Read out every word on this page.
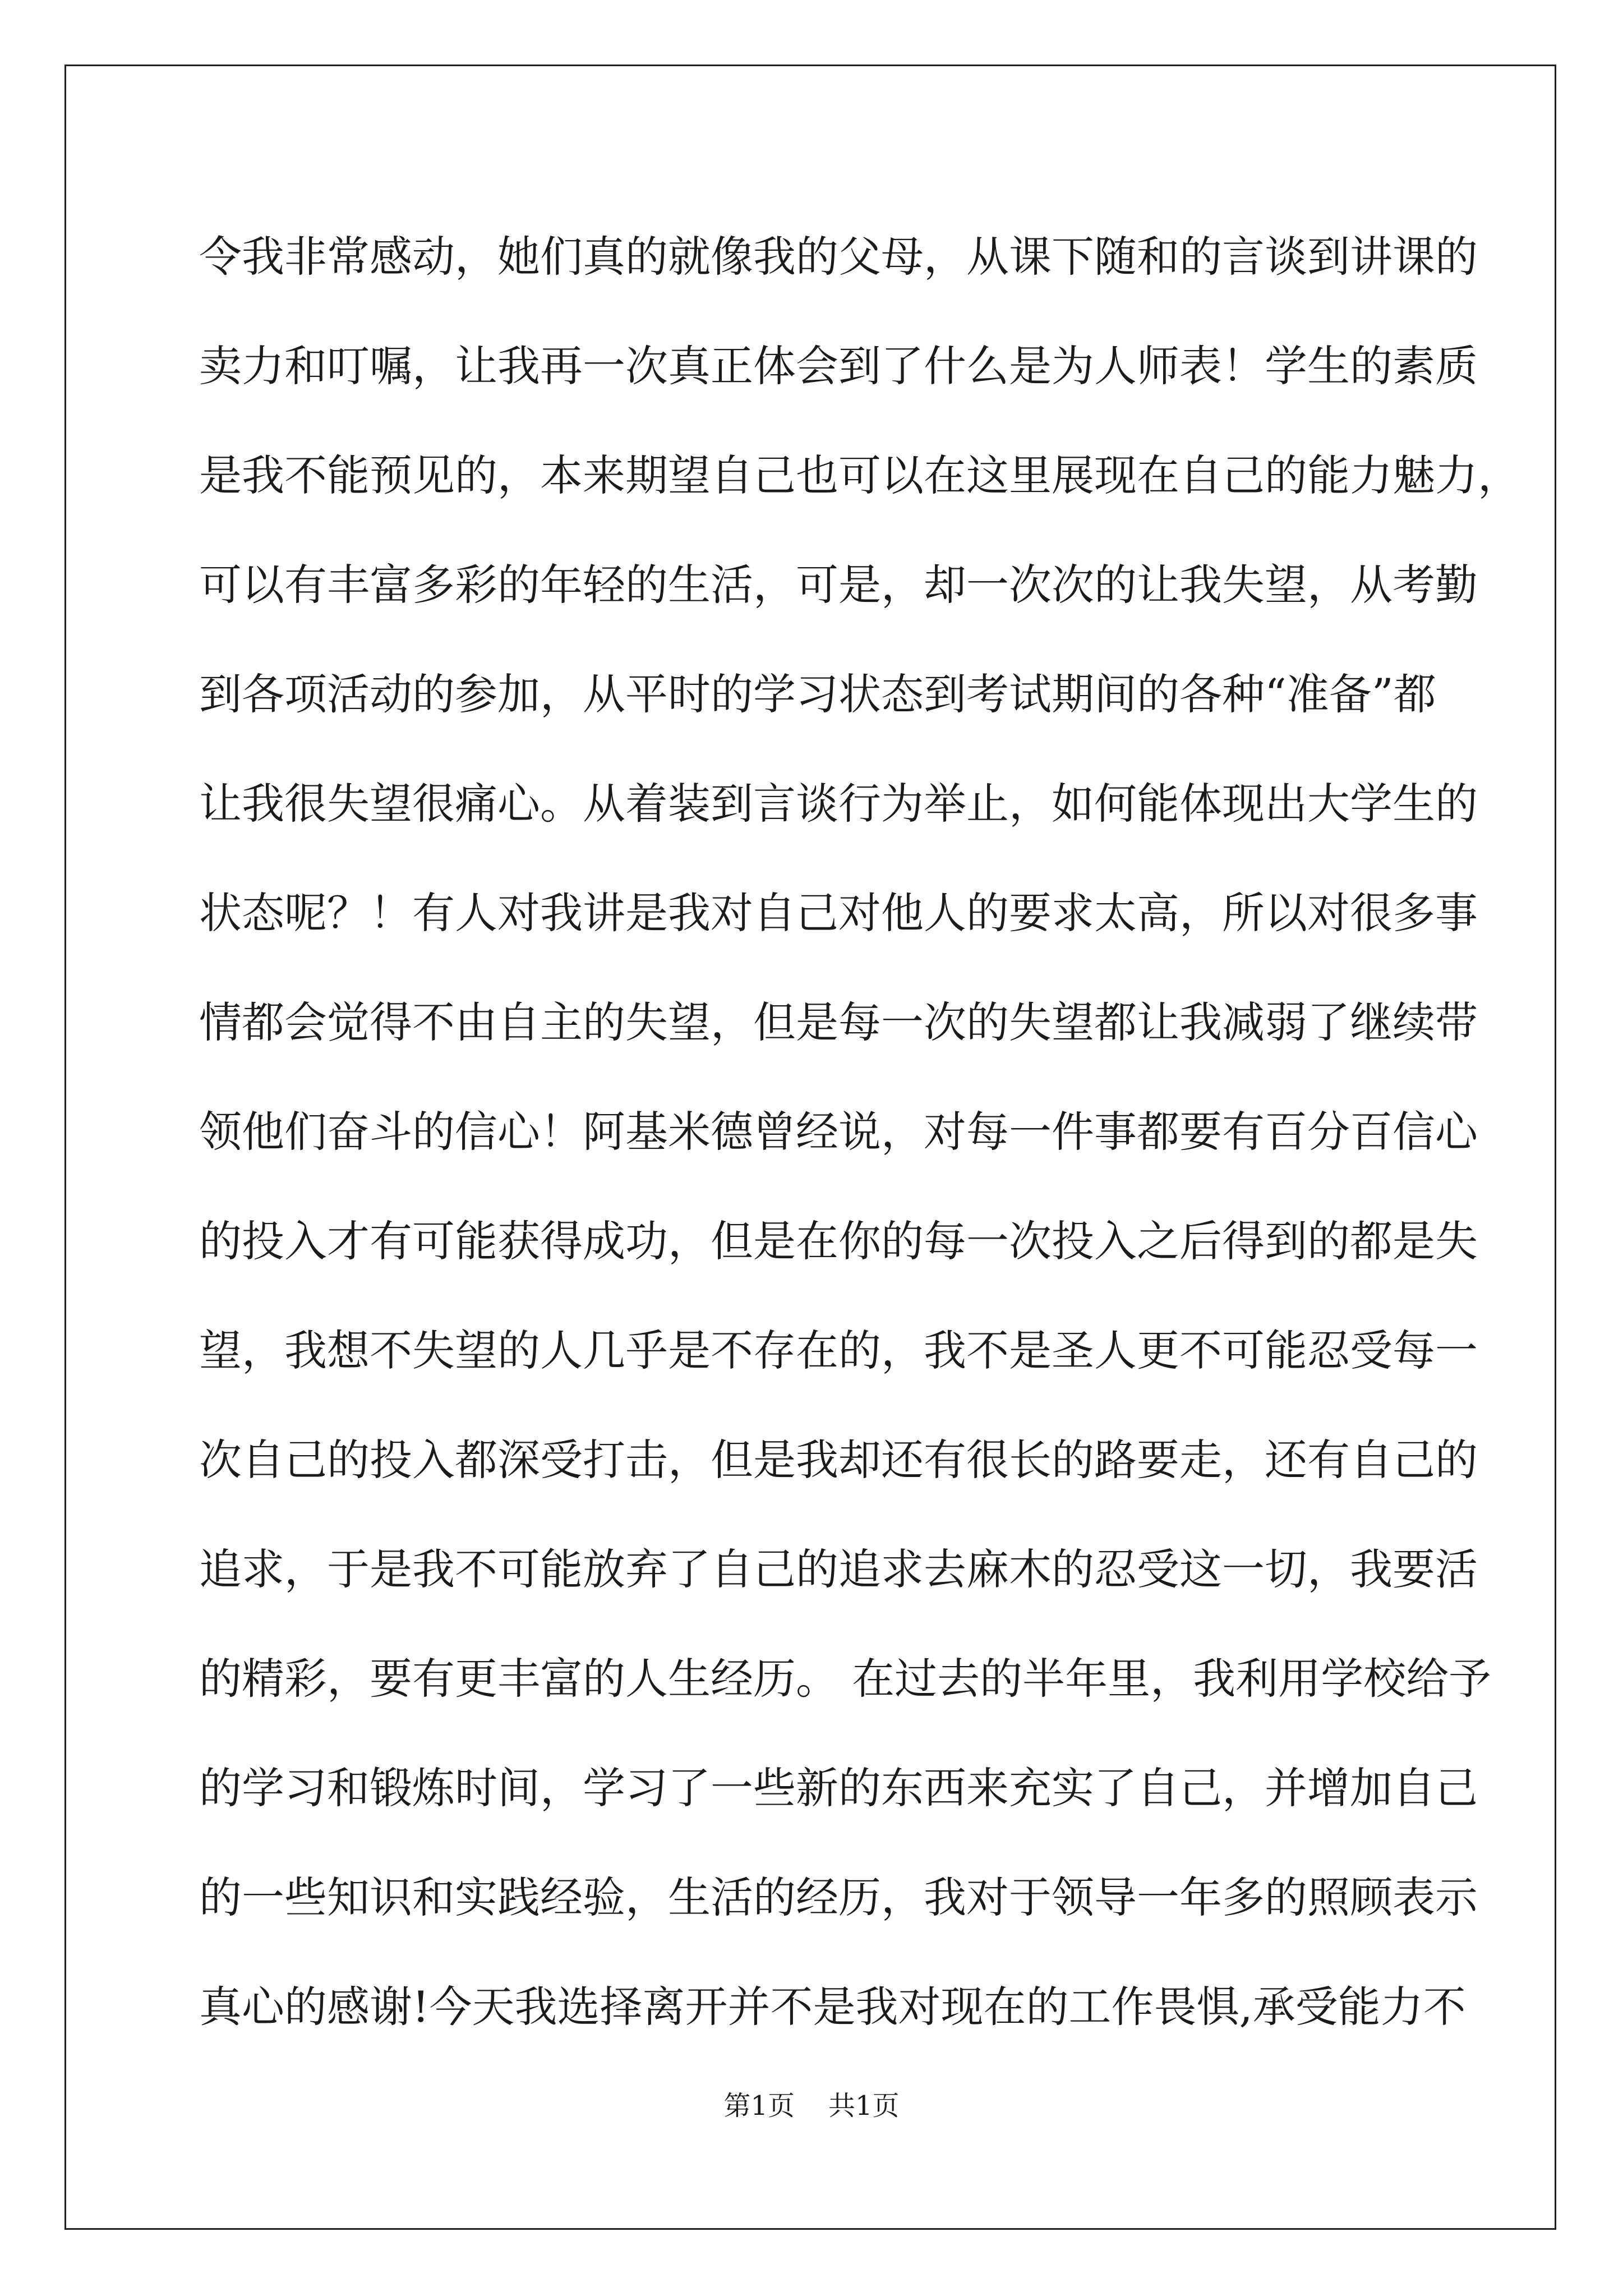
令我非常感动，她们真的就像我的父母，从课下随和的言谈到讲课的
卖力和叮嘱，让我再一次真正体会到了什么是为人师表！学生的素质
是我不能预见的，本来期望自己也可以在这里展现在自己的能力魅力，
可以有丰富多彩的年轻的生活，可是，却一次次的让我失望，从考勤
到各项活动的参加，从平时的学习状态到考试期间的各种“准备”都
让我很失望很痛心。从着装到言谈行为举止，如何能体现出大学生的
状态呢？！有人对我讲是我对自己对他人的要求太高，所以对很多事
情都会觉得不由自主的失望，但是每一次的失望都让我减弱了继续带
领他们奋斗的信心！阿基米德曾经说，对每一件事都要有百分百信心
的投入才有可能获得成功，但是在你的每一次投入之后得到的都是失
望，我想不失望的人几乎是不存在的，我不是圣人更不可能忍受每一
次自己的投入都深受打击，但是我却还有很长的路要走，还有自己的
追求，于是我不可能放弃了自己的追求去麻木的忍受这一切，我要活
的精彩，要有更丰富的人生经历。 在过去的半年里，我利用学校给予
的学习和锻炼时间，学习了一些新的东西来充实了自己，并增加自己
的一些知识和实践经验，生活的经历，我对于领导一年多的照顾表示
真心的感谢!今天我选择离开并不是我对现在的工作畏惧,承受能力不
第1页 共1页
